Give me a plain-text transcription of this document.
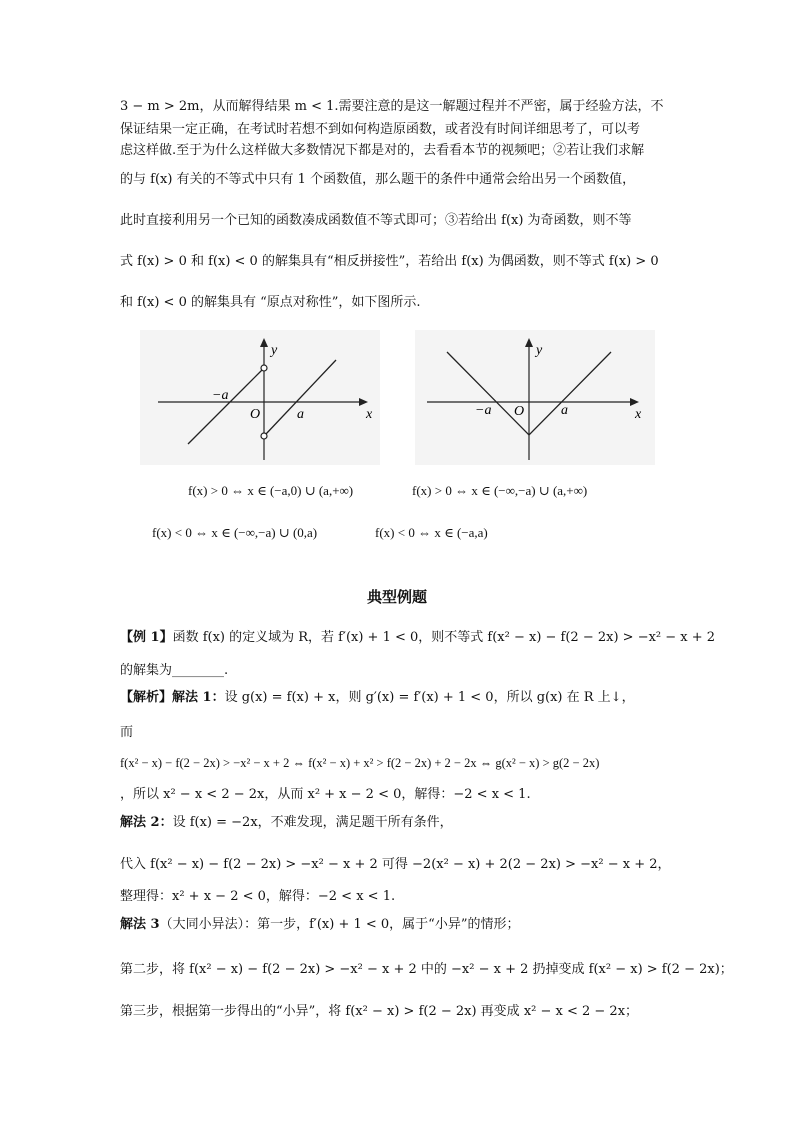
3 − m > 2m，从而解得结果 m < 1.需要注意的是这一解题过程并不严密，属于经验方法，不
保证结果一定正确，在考试时若想不到如何构造原函数，或者没有时间详细思考了，可以考
虑这样做.至于为什么这样做大多数情况下都是对的，去看看本节的视频吧；②若让我们求解
的与 f(x) 有关的不等式中只有 1 个函数值，那么题干的条件中通常会给出另一个函数值，
此时直接利用另一个已知的函数凑成函数值不等式即可；③若给出 f(x) 为奇函数，则不等
式 f(x) > 0 和 f(x) < 0 的解集具有“相反拼接性”，若给出 f(x) 为偶函数，则不等式 f(x) > 0
和 f(x) < 0 的解集具有 “原点对称性”，如下图所示.
y
x
−a
O	a
y
x
−a O	a
f(x) > 0 ⇔ x ∈ (−a,0) ∪ (a,+∞)	f(x) > 0 ⇔ x ∈ (−∞,−a) ∪ (a,+∞)
f(x) < 0 ⇔ x ∈ (−∞,−a) ∪ (0,a)	f(x) < 0 ⇔ x ∈ (−a,a)
典型例题
【例 1】函数 f(x) 的定义域为 R，若 f′(x) + 1 < 0，则不等式 f(x² − x) − f(2 − 2x) > −x² − x + 2
的解集为________.
【解析】解法 1：设 g(x) = f(x) + x，则 g′(x) = f′(x) + 1 < 0，所以 g(x) 在 R 上↓，
而
f(x² − x) − f(2 − 2x) > −x² − x + 2 ⇔ f(x² − x) + x² > f(2 − 2x) + 2 − 2x ⇔ g(x² − x) > g(2 − 2x)
，所以 x² − x < 2 − 2x，从而 x² + x − 2 < 0，解得：−2 < x < 1.
解法 2：设 f(x) = −2x，不难发现，满足题干所有条件，
代入 f(x² − x) − f(2 − 2x) > −x² − x + 2 可得 −2(x² − x) + 2(2 − 2x) > −x² − x + 2，
整理得：x² + x − 2 < 0，解得：−2 < x < 1.
解法 3（大同小异法）：第一步，f′(x) + 1 < 0，属于“小异”的情形；
第二步，将 f(x² − x) − f(2 − 2x) > −x² − x + 2 中的 −x² − x + 2 扔掉变成 f(x² − x) > f(2 − 2x)；
第三步，根据第一步得出的“小异”，将 f(x² − x) > f(2 − 2x) 再变成 x² − x < 2 − 2x；
